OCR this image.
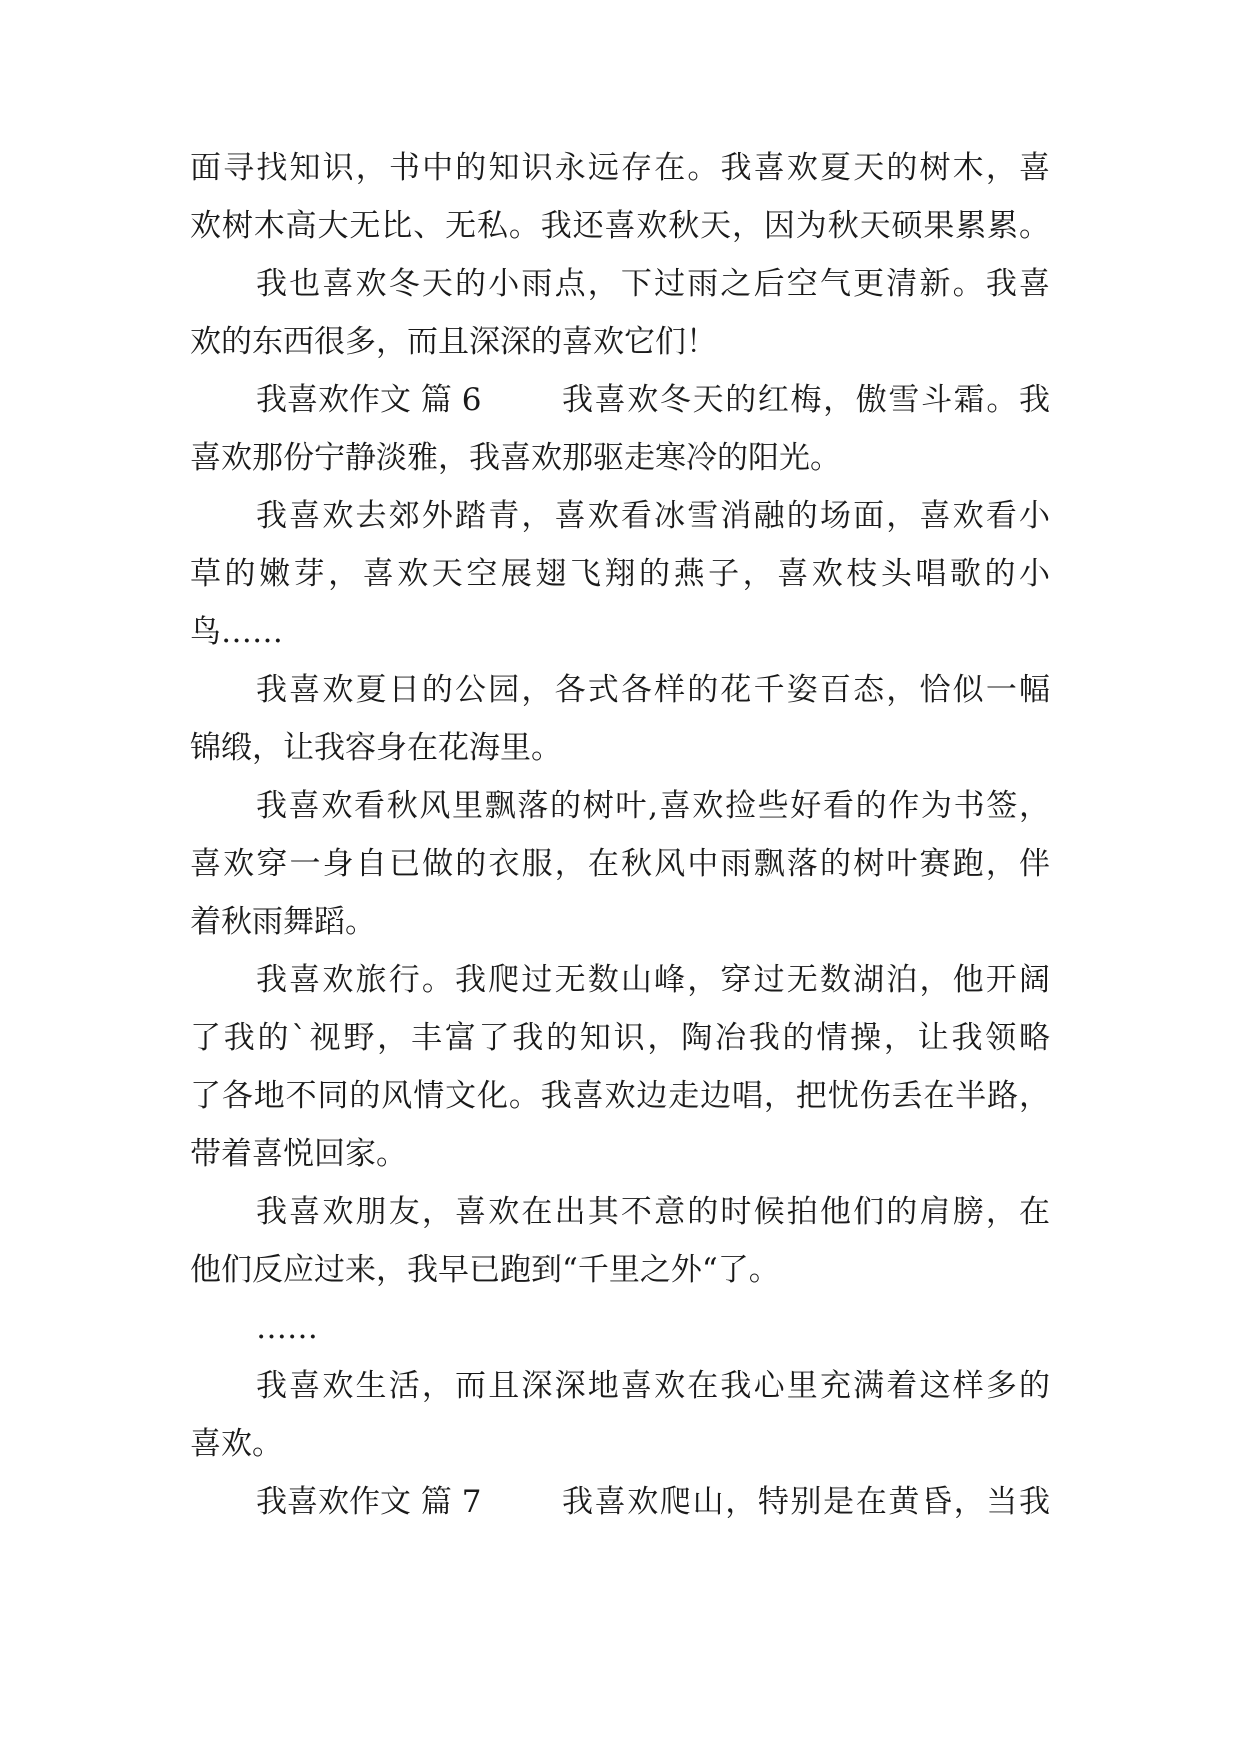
面寻找知识，书中的知识永远存在。我喜欢夏天的树木，喜
欢树木高大无比、无私。我还喜欢秋天，因为秋天硕果累累。
我也喜欢冬天的小雨点，下过雨之后空气更清新。我喜
欢的东西很多，而且深深的喜欢它们！
我喜欢作文 篇 6	我喜欢冬天的红梅，傲雪斗霜。我
喜欢那份宁静淡雅，我喜欢那驱走寒冷的阳光。
我喜欢去郊外踏青，喜欢看冰雪消融的场面，喜欢看小
草的嫩芽，喜欢天空展翅飞翔的燕子，喜欢枝头唱歌的小
鸟……
我喜欢夏日的公园，各式各样的花千姿百态，恰似一幅
锦缎，让我容身在花海里。
我喜欢看秋风里飘落的树叶,喜欢捡些好看的作为书签，
喜欢穿一身自已做的衣服，在秋风中雨飘落的树叶赛跑，伴
着秋雨舞蹈。
我喜欢旅行。我爬过无数山峰，穿过无数湖泊，他开阔
了我的`视野，丰富了我的知识，陶冶我的情操，让我领略
了各地不同的风情文化。我喜欢边走边唱，把忧伤丢在半路，
带着喜悦回家。
我喜欢朋友，喜欢在出其不意的时候拍他们的肩膀，在
他们反应过来，我早已跑到“千里之外“了。
……
我喜欢生活，而且深深地喜欢在我心里充满着这样多的
喜欢。
我喜欢作文 篇 7	我喜欢爬山，特别是在黄昏，当我
